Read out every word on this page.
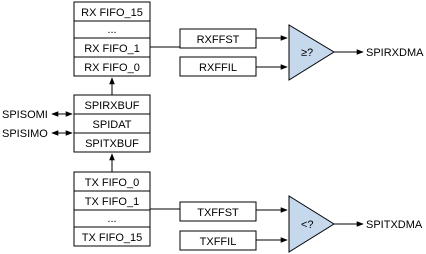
RX FIFO_15
...
RX FIFO_1
RX FIFO_0
SPIRXBUF
SPIDAT
SPITXBUF
SPISOMI
SPISIMO
TX FIFO_0
TX FIFO_1
...
TX FIFO_15
RXFFST
RXFFIL
≥?	SPIRXDMA
TXFFST
TXFFIL
<?	SPITXDMA
